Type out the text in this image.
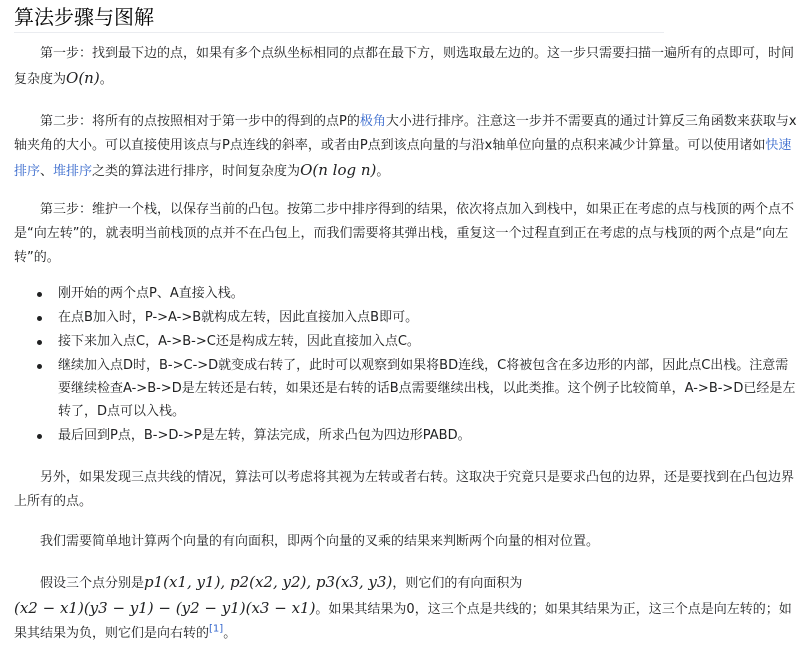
算法步骤与图解

第一步：找到最下边的点，如果有多个点纵坐标相同的点都在最下方，则选取最左边的。这一步只需要扫描一遍所有的点即可，时间复杂度为O(n)。

第二步：将所有的点按照相对于第一步中的得到的点P的极角大小进行排序。注意这一步并不需要真的通过计算反三角函数来获取与x轴夹角的大小。可以直接使用该点与P点连线的斜率，或者由P点到该点向量的与沿x轴单位向量的点积来减少计算量。可以使用诸如快速排序、堆排序之类的算法进行排序，时间复杂度为O(n log n)。

第三步：维护一个栈，以保存当前的凸包。按第二步中排序得到的结果，依次将点加入到栈中，如果正在考虑的点与栈顶的两个点不是“向左转”的，就表明当前栈顶的点并不在凸包上，而我们需要将其弹出栈，重复这一个过程直到正在考虑的点与栈顶的两个点是“向左转”的。

刚开始的两个点P、A直接入栈。
在点B加入时，P->A->B就构成左转，因此直接加入点B即可。
接下来加入点C，A->B->C还是构成左转，因此直接加入点C。
继续加入点D时，B->C->D就变成右转了，此时可以观察到如果将BD连线，C将被包含在多边形的内部，因此点C出栈。注意需要继续检查A->B->D是左转还是右转，如果还是右转的话B点需要继续出栈，以此类推。这个例子比较简单，A->B->D已经是左转了，D点可以入栈。
最后回到P点，B->D->P是左转，算法完成，所求凸包为四边形PABD。

另外，如果发现三点共线的情况，算法可以考虑将其视为左转或者右转。这取决于究竟只是要求凸包的边界，还是要找到在凸包边界上所有的点。

我们需要简单地计算两个向量的有向面积，即两个向量的叉乘的结果来判断两个向量的相对位置。

假设三个点分别是p1(x1, y1), p2(x2, y2), p3(x3, y3)，则它们的有向面积为(x2 − x1)(y3 − y1) − (y2 − y1)(x3 − x1)。如果其结果为0，这三个点是共线的；如果其结果为正，这三个点是向左转的；如果其结果为负，则它们是向右转的[1]。
